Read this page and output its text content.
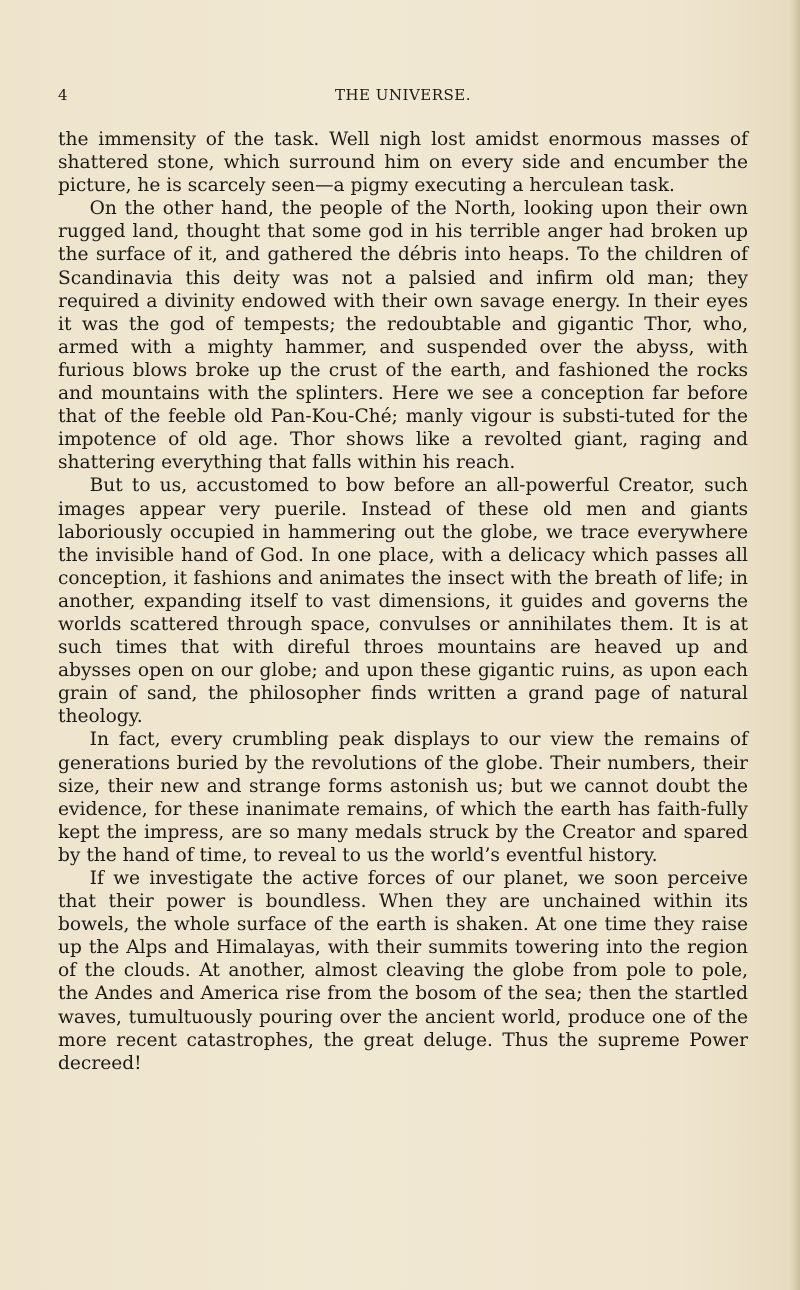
4	THE UNIVERSE.

the immensity of the task. Well nigh lost amidst enormous masses of shattered stone, which surround him on every side and encumber the picture, he is scarcely seen—a pigmy executing a herculean task.

On the other hand, the people of the North, looking upon their own rugged land, thought that some god in his terrible anger had broken up the surface of it, and gathered the débris into heaps. To the children of Scandinavia this deity was not a palsied and infirm old man; they required a divinity endowed with their own savage energy. In their eyes it was the god of tempests; the redoubtable and gigantic Thor, who, armed with a mighty hammer, and suspended over the abyss, with furious blows broke up the crust of the earth, and fashioned the rocks and mountains with the splinters. Here we see a conception far before that of the feeble old Pan-Kou-Ché; manly vigour is substi-tuted for the impotence of old age. Thor shows like a revolted giant, raging and shattering everything that falls within his reach.

But to us, accustomed to bow before an all-powerful Creator, such images appear very puerile. Instead of these old men and giants laboriously occupied in hammering out the globe, we trace everywhere the invisible hand of God. In one place, with a delicacy which passes all conception, it fashions and animates the insect with the breath of life; in another, expanding itself to vast dimensions, it guides and governs the worlds scattered through space, convulses or annihilates them. It is at such times that with direful throes mountains are heaved up and abysses open on our globe; and upon these gigantic ruins, as upon each grain of sand, the philosopher finds written a grand page of natural theology.

In fact, every crumbling peak displays to our view the remains of generations buried by the revolutions of the globe. Their numbers, their size, their new and strange forms astonish us; but we cannot doubt the evidence, for these inanimate remains, of which the earth has faith-fully kept the impress, are so many medals struck by the Creator and spared by the hand of time, to reveal to us the world’s eventful history.

If we investigate the active forces of our planet, we soon perceive that their power is boundless. When they are unchained within its bowels, the whole surface of the earth is shaken. At one time they raise up the Alps and Himalayas, with their summits towering into the region of the clouds. At another, almost cleaving the globe from pole to pole, the Andes and America rise from the bosom of the sea; then the startled waves, tumultuously pouring over the ancient world, produce one of the more recent catastrophes, the great deluge. Thus the supreme Power decreed!
